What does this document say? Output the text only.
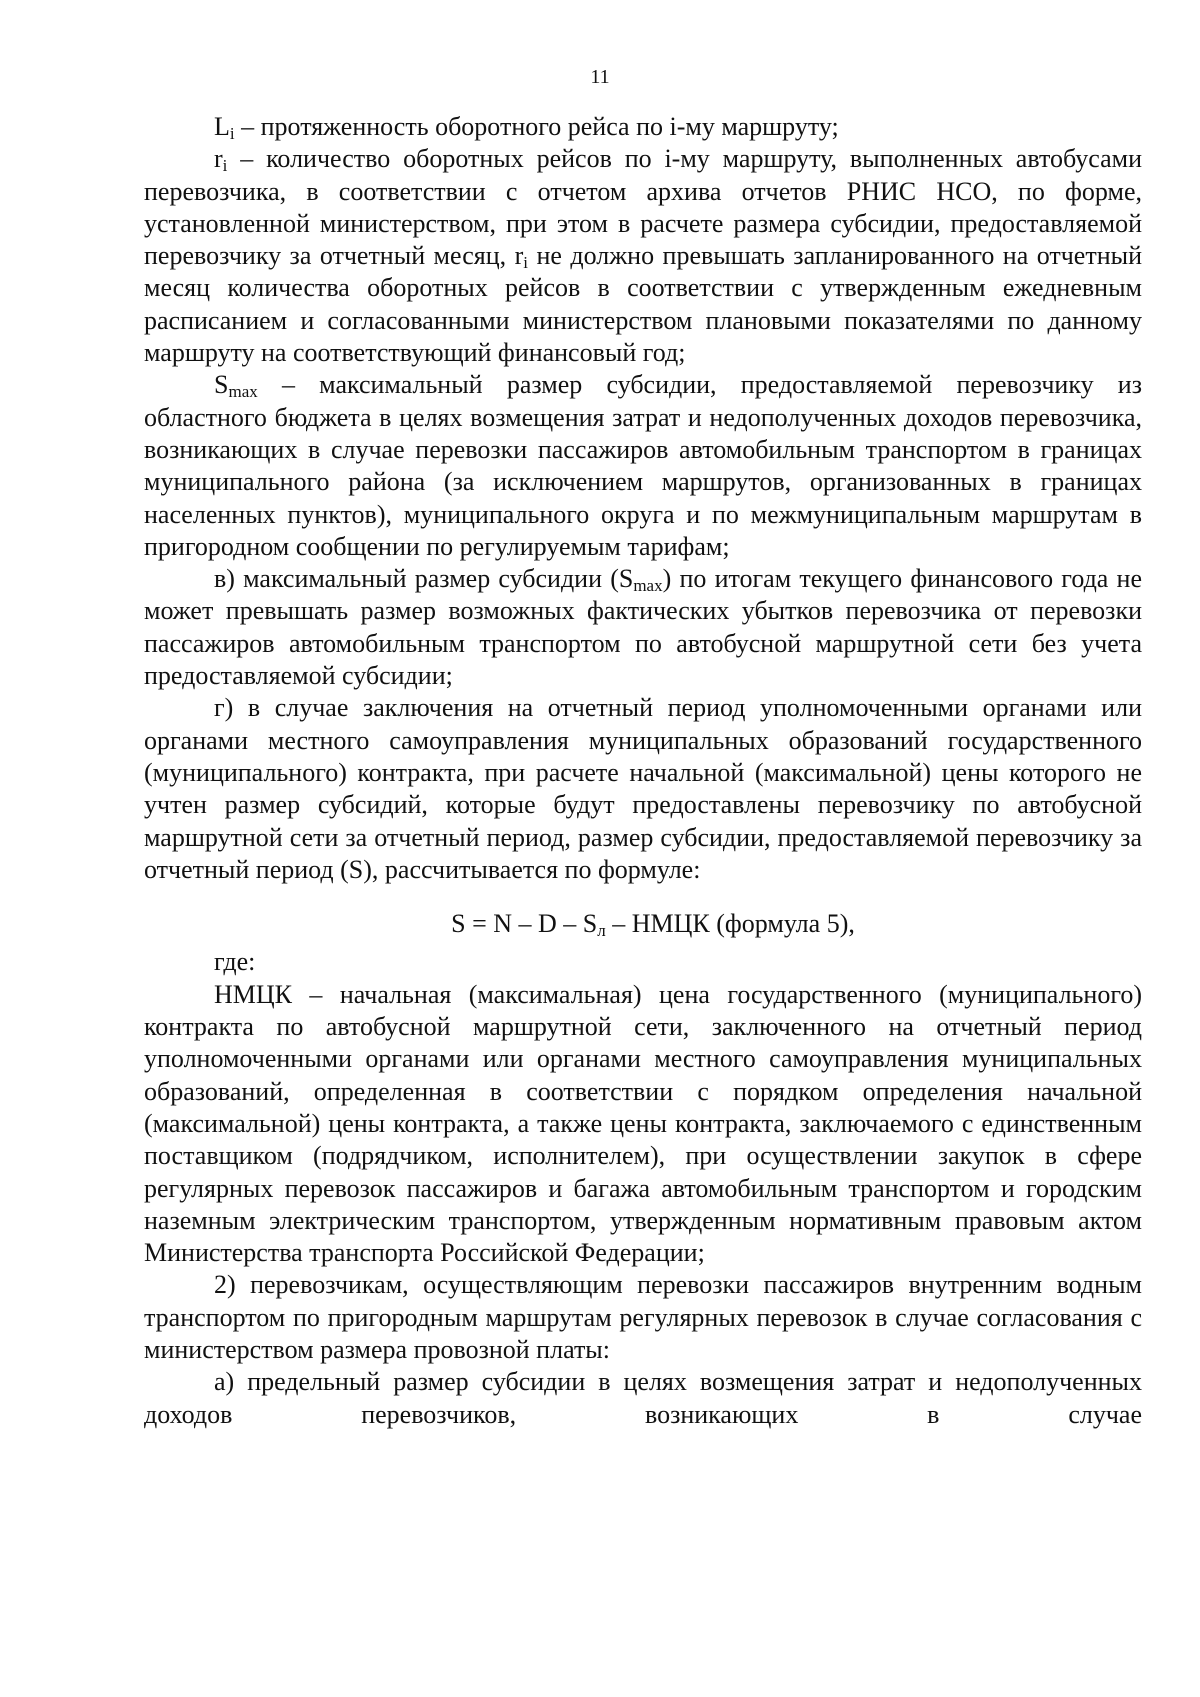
11

$L_i$ – протяженность оборотного рейса по i-му маршруту;

$r_i$ – количество оборотных рейсов по i-му маршруту, выполненных автобусами перевозчика, в соответствии с отчетом архива отчетов РНИС НСО, по форме, установленной министерством, при этом в расчете размера субсидии, предоставляемой перевозчику за отчетный месяц, $r_i$ не должно превышать запланированного на отчетный месяц количества оборотных рейсов в соответствии с утвержденным ежедневным расписанием и согласованными министерством плановыми показателями по данному маршруту на соответствующий финансовый год;

$S_{max}$ – максимальный размер субсидии, предоставляемой перевозчику из областного бюджета в целях возмещения затрат и недополученных доходов перевозчика, возникающих в случае перевозки пассажиров автомобильным транспортом в границах муниципального района (за исключением маршрутов, организованных в границах населенных пунктов), муниципального округа и по межмуниципальным маршрутам в пригородном сообщении по регулируемым тарифам;

в) максимальный размер субсидии $(S_{max})$ по итогам текущего финансового года не может превышать размер возможных фактических убытков перевозчика от перевозки пассажиров автомобильным транспортом по автобусной маршрутной сети без учета предоставляемой субсидии;

г) в случае заключения на отчетный период уполномоченными органами или органами местного самоуправления муниципальных образований государственного (муниципального) контракта, при расчете начальной (максимальной) цены которого не учтен размер субсидий, которые будут предоставлены перевозчику по автобусной маршрутной сети за отчетный период, размер субсидии, предоставляемой перевозчику за отчетный период (S), рассчитывается по формуле:

$S = N - D - S_л$ – НМЦК (формула 5),

где:

НМЦК – начальная (максимальная) цена государственного (муниципального) контракта по автобусной маршрутной сети, заключенного на отчетный период уполномоченными органами или органами местного самоуправления муниципальных образований, определенная в соответствии с порядком определения начальной (максимальной) цены контракта, а также цены контракта, заключаемого с единственным поставщиком (подрядчиком, исполнителем), при осуществлении закупок в сфере регулярных перевозок пассажиров и багажа автомобильным транспортом и городским наземным электрическим транспортом, утвержденным нормативным правовым актом Министерства транспорта Российской Федерации;

2) перевозчикам, осуществляющим перевозки пассажиров внутренним водным транспортом по пригородным маршрутам регулярных перевозок в случае согласования с министерством размера провозной платы:

а) предельный размер субсидии в целях возмещения затрат и недополученных доходов перевозчиков, возникающих в случае
